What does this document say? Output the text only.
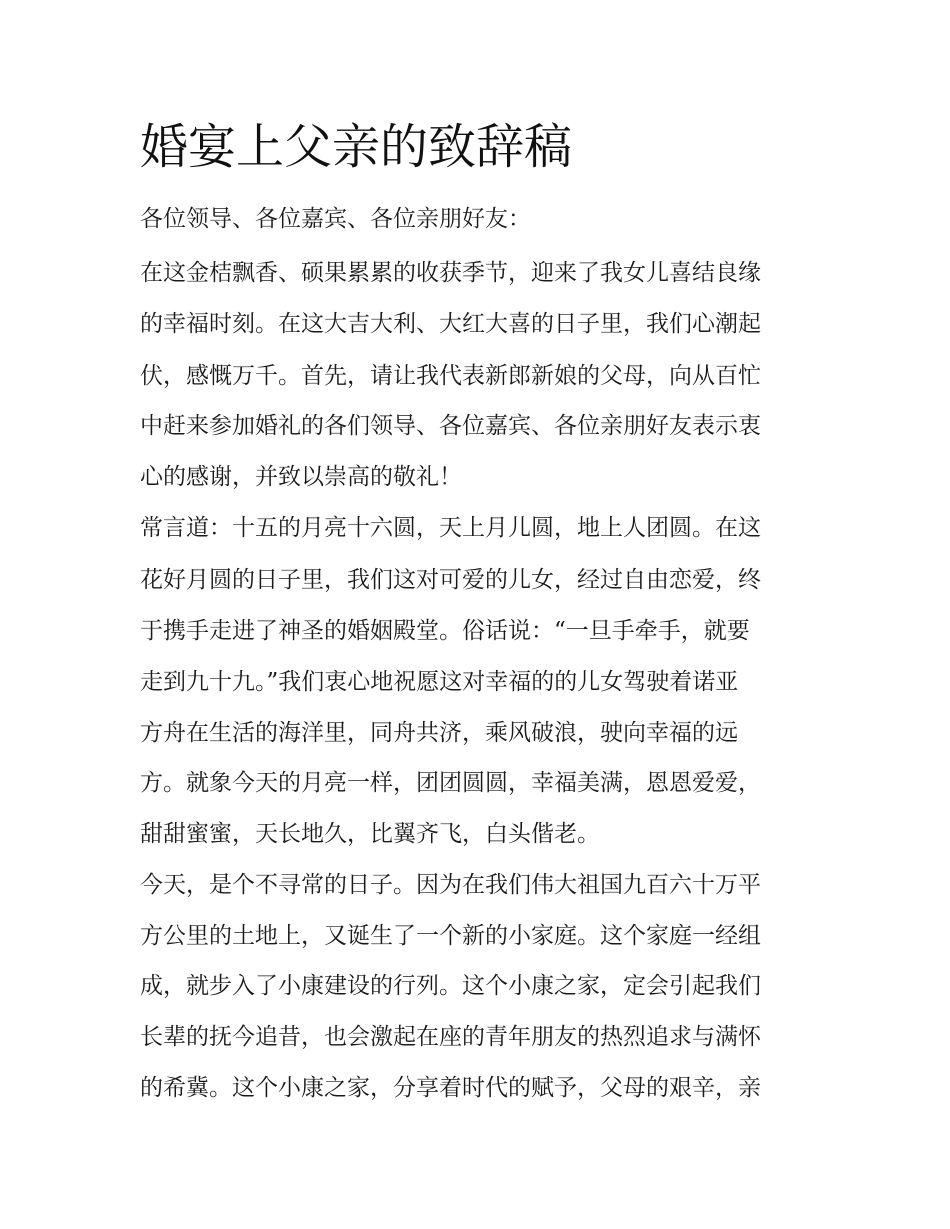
婚宴上父亲的致辞稿

各位领导、各位嘉宾、各位亲朋好友：

在这金桔飘香、硕果累累的收获季节，迎来了我女儿喜结良缘

的幸福时刻。在这大吉大利、大红大喜的日子里，我们心潮起

伏，感慨万千。首先，请让我代表新郎新娘的父母，向从百忙

中赶来参加婚礼的各们领导、各位嘉宾、各位亲朋好友表示衷

心的感谢，并致以崇高的敬礼！

常言道：十五的月亮十六圆，天上月儿圆，地上人团圆。在这

花好月圆的日子里，我们这对可爱的儿女，经过自由恋爱，终

于携手走进了神圣的婚姻殿堂。俗话说：“一旦手牵手，就要

走到九十九。”我们衷心地祝愿这对幸福的的儿女驾驶着诺亚

方舟在生活的海洋里，同舟共济，乘风破浪，驶向幸福的远

方。就象今天的月亮一样，团团圆圆，幸福美满，恩恩爱爱，

甜甜蜜蜜，天长地久，比翼齐飞，白头偕老。

今天，是个不寻常的日子。因为在我们伟大祖国九百六十万平

方公里的土地上，又诞生了一个新的小家庭。这个家庭一经组

成，就步入了小康建设的行列。这个小康之家，定会引起我们

长辈的抚今追昔，也会激起在座的青年朋友的热烈追求与满怀

的希冀。这个小康之家，分享着时代的赋予，父母的艰辛，亲
